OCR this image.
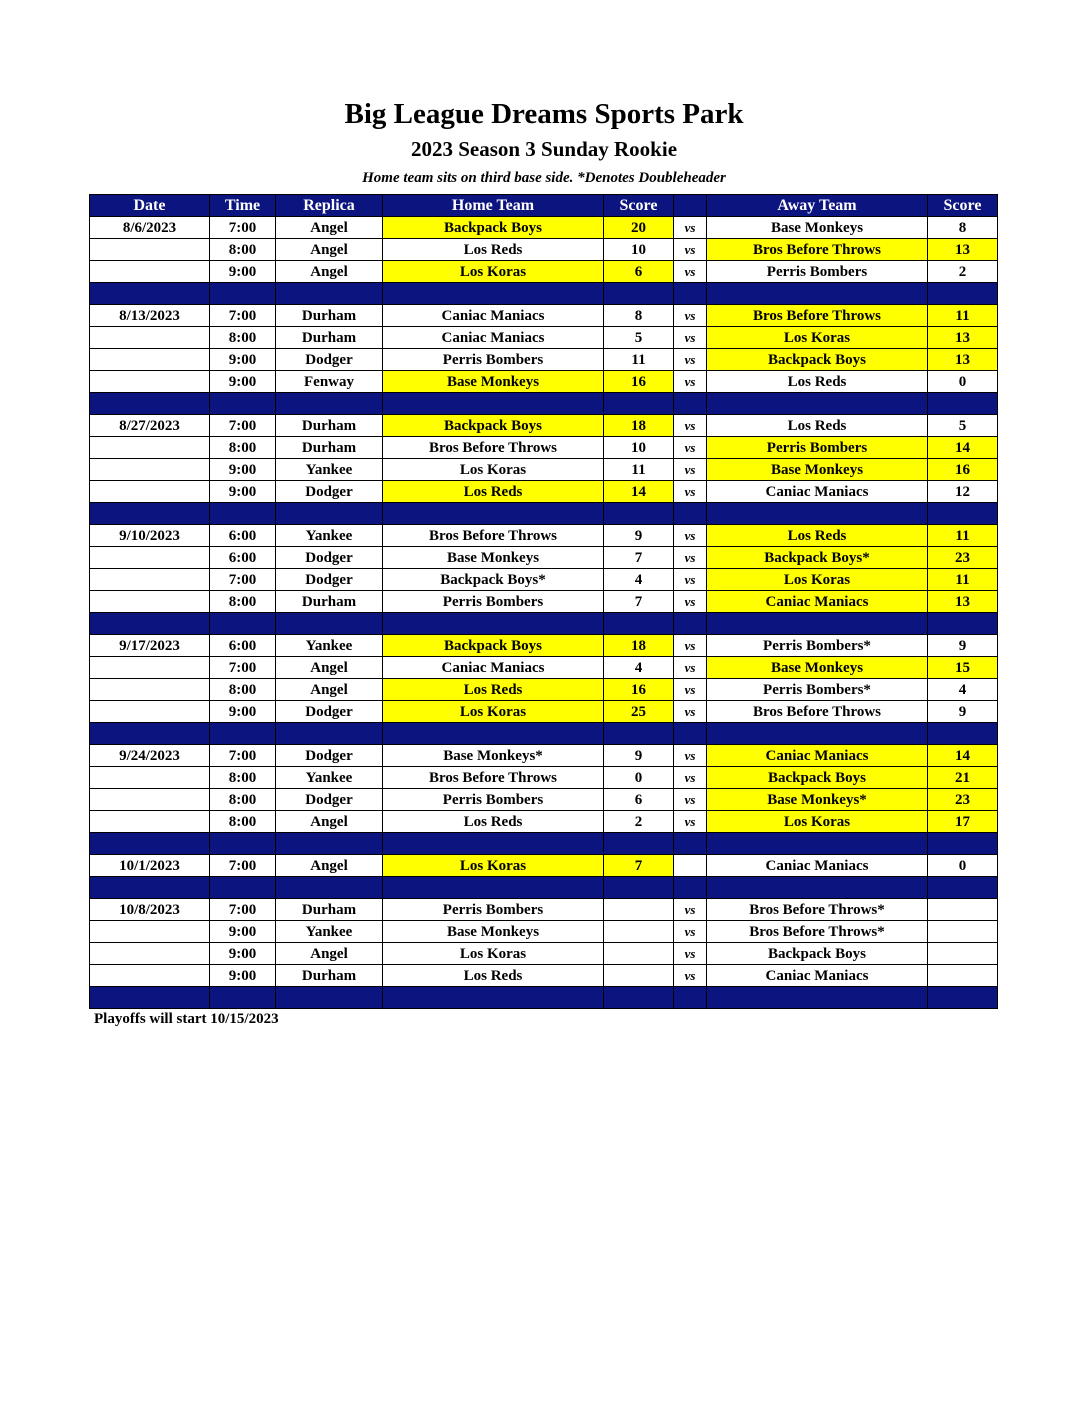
Big League Dreams Sports Park
2023 Season 3 Sunday Rookie
Home team sits on third base side. *Denotes Doubleheader
Date	Time	Replica	Home Team	Score		Away Team	Score
8/6/2023	7:00	Angel	Backpack Boys	20	vs	Base Monkeys	8
	8:00	Angel	Los Reds	10	vs	Bros Before Throws	13
	9:00	Angel	Los Koras	6	vs	Perris Bombers	2

8/13/2023	7:00	Durham	Caniac Maniacs	8	vs	Bros Before Throws	11
	8:00	Durham	Caniac Maniacs	5	vs	Los Koras	13
	9:00	Dodger	Perris Bombers	11	vs	Backpack Boys	13
	9:00	Fenway	Base Monkeys	16	vs	Los Reds	0

8/27/2023	7:00	Durham	Backpack Boys	18	vs	Los Reds	5
	8:00	Durham	Bros Before Throws	10	vs	Perris Bombers	14
	9:00	Yankee	Los Koras	11	vs	Base Monkeys	16
	9:00	Dodger	Los Reds	14	vs	Caniac Maniacs	12

9/10/2023	6:00	Yankee	Bros Before Throws	9	vs	Los Reds	11
	6:00	Dodger	Base Monkeys	7	vs	Backpack Boys*	23
	7:00	Dodger	Backpack Boys*	4	vs	Los Koras	11
	8:00	Durham	Perris Bombers	7	vs	Caniac Maniacs	13

9/17/2023	6:00	Yankee	Backpack Boys	18	vs	Perris Bombers*	9
	7:00	Angel	Caniac Maniacs	4	vs	Base Monkeys	15
	8:00	Angel	Los Reds	16	vs	Perris Bombers*	4
	9:00	Dodger	Los Koras	25	vs	Bros Before Throws	9

9/24/2023	7:00	Dodger	Base Monkeys*	9	vs	Caniac Maniacs	14
	8:00	Yankee	Bros Before Throws	0	vs	Backpack Boys	21
	8:00	Dodger	Perris Bombers	6	vs	Base Monkeys*	23
	8:00	Angel	Los Reds	2	vs	Los Koras	17

10/1/2023	7:00	Angel	Los Koras	7		Caniac Maniacs	0

10/8/2023	7:00	Durham	Perris Bombers		vs	Bros Before Throws*	
	9:00	Yankee	Base Monkeys		vs	Bros Before Throws*	
	9:00	Angel	Los Koras		vs	Backpack Boys	
	9:00	Durham	Los Reds		vs	Caniac Maniacs	

Playoffs will start 10/15/2023
